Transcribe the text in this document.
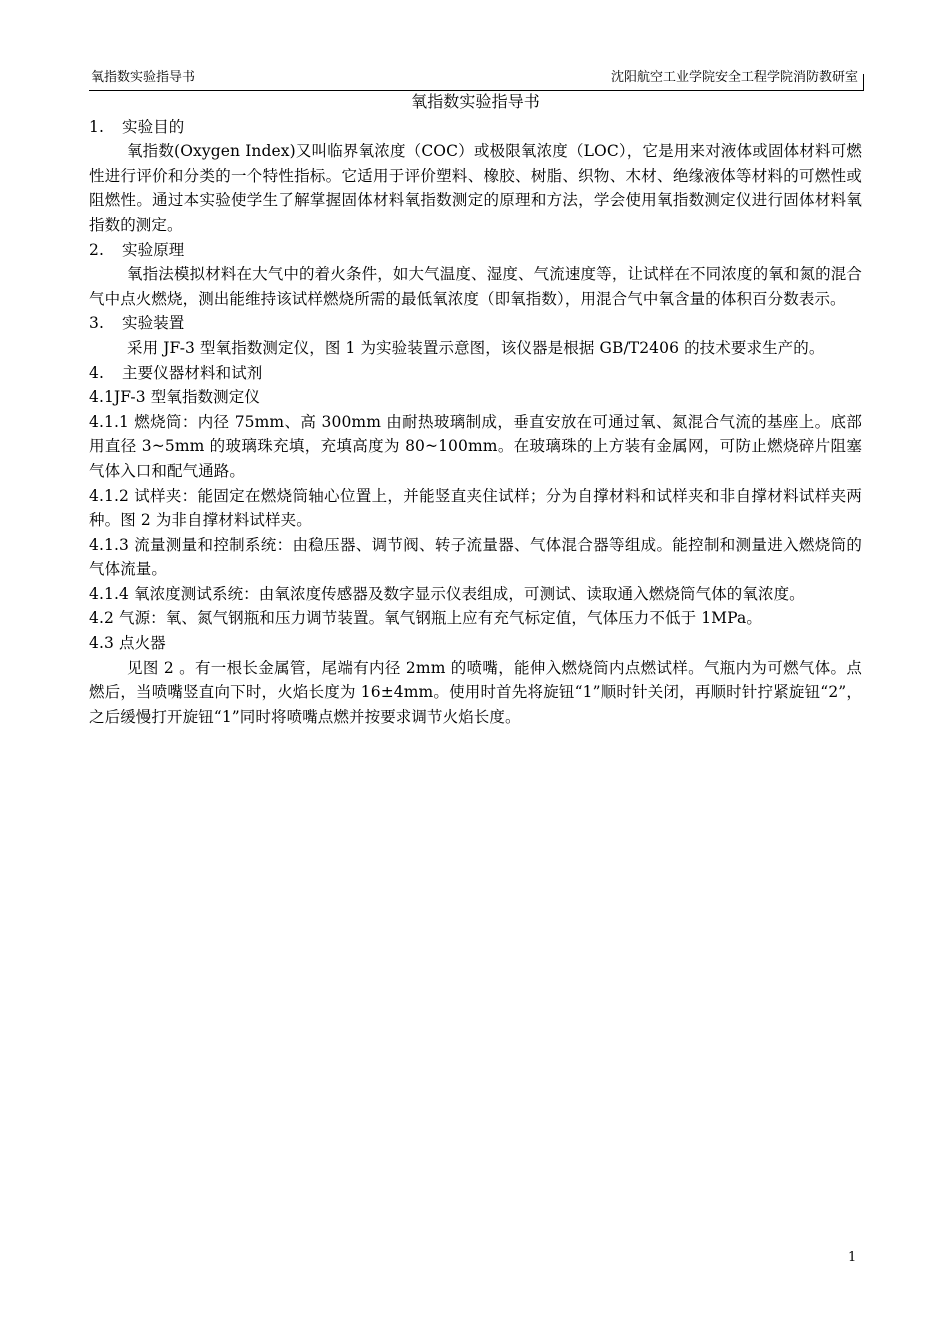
氧指数实验指导书	沈阳航空工业学院安全工程学院消防教研室
氧指数实验指导书
1. 实验目的

氧指数(Oxygen Index)又叫临界氧浓度（COC）或极限氧浓度（LOC），它是用来对液体或固体材料可燃性进行评价和分类的一个特性指标。它适用于评价塑料、橡胶、树脂、织物、木材、绝缘液体等材料的可燃性或阻燃性。通过本实验使学生了解掌握固体材料氧指数测定的原理和方法，学会使用氧指数测定仪进行固体材料氧指数的测定。

2. 实验原理

氧指法模拟材料在大气中的着火条件，如大气温度、湿度、气流速度等，让试样在不同浓度的氧和氮的混合气中点火燃烧，测出能维持该试样燃烧所需的最低氧浓度（即氧指数），用混合气中氧含量的体积百分数表示。

3. 实验装置

采用 JF-3 型氧指数测定仪，图 1 为实验装置示意图，该仪器是根据 GB/T2406 的技术要求生产的。

4. 主要仪器材料和试剂

4.1JF-3 型氧指数测定仪

4.1.1 燃烧筒：内径 75mm、高 300mm 由耐热玻璃制成，垂直安放在可通过氧、氮混合气流的基座上。底部用直径 3~5mm 的玻璃珠充填，充填高度为 80~100mm。在玻璃珠的上方装有金属网，可防止燃烧碎片阻塞气体入口和配气通路。

4.1.2 试样夹：能固定在燃烧筒轴心位置上，并能竖直夹住试样；分为自撑材料和试样夹和非自撑材料试样夹两种。图 2 为非自撑材料试样夹。

4.1.3 流量测量和控制系统：由稳压器、调节阀、转子流量器、气体混合器等组成。能控制和测量进入燃烧筒的气体流量。

4.1.4 氧浓度测试系统：由氧浓度传感器及数字显示仪表组成，可测试、读取通入燃烧筒气体的氧浓度。

4.2 气源：氧、氮气钢瓶和压力调节装置。氧气钢瓶上应有充气标定值，气体压力不低于 1MPa。

4.3 点火器

见图 2 。有一根长金属管，尾端有内径 2mm 的喷嘴，能伸入燃烧筒内点燃试样。气瓶内为可燃气体。点燃后，当喷嘴竖直向下时，火焰长度为 16±4mm。使用时首先将旋钮“1”顺时针关闭，再顺时针拧紧旋钮“2”，之后缓慢打开旋钮“1”同时将喷嘴点燃并按要求调节火焰长度。

1
